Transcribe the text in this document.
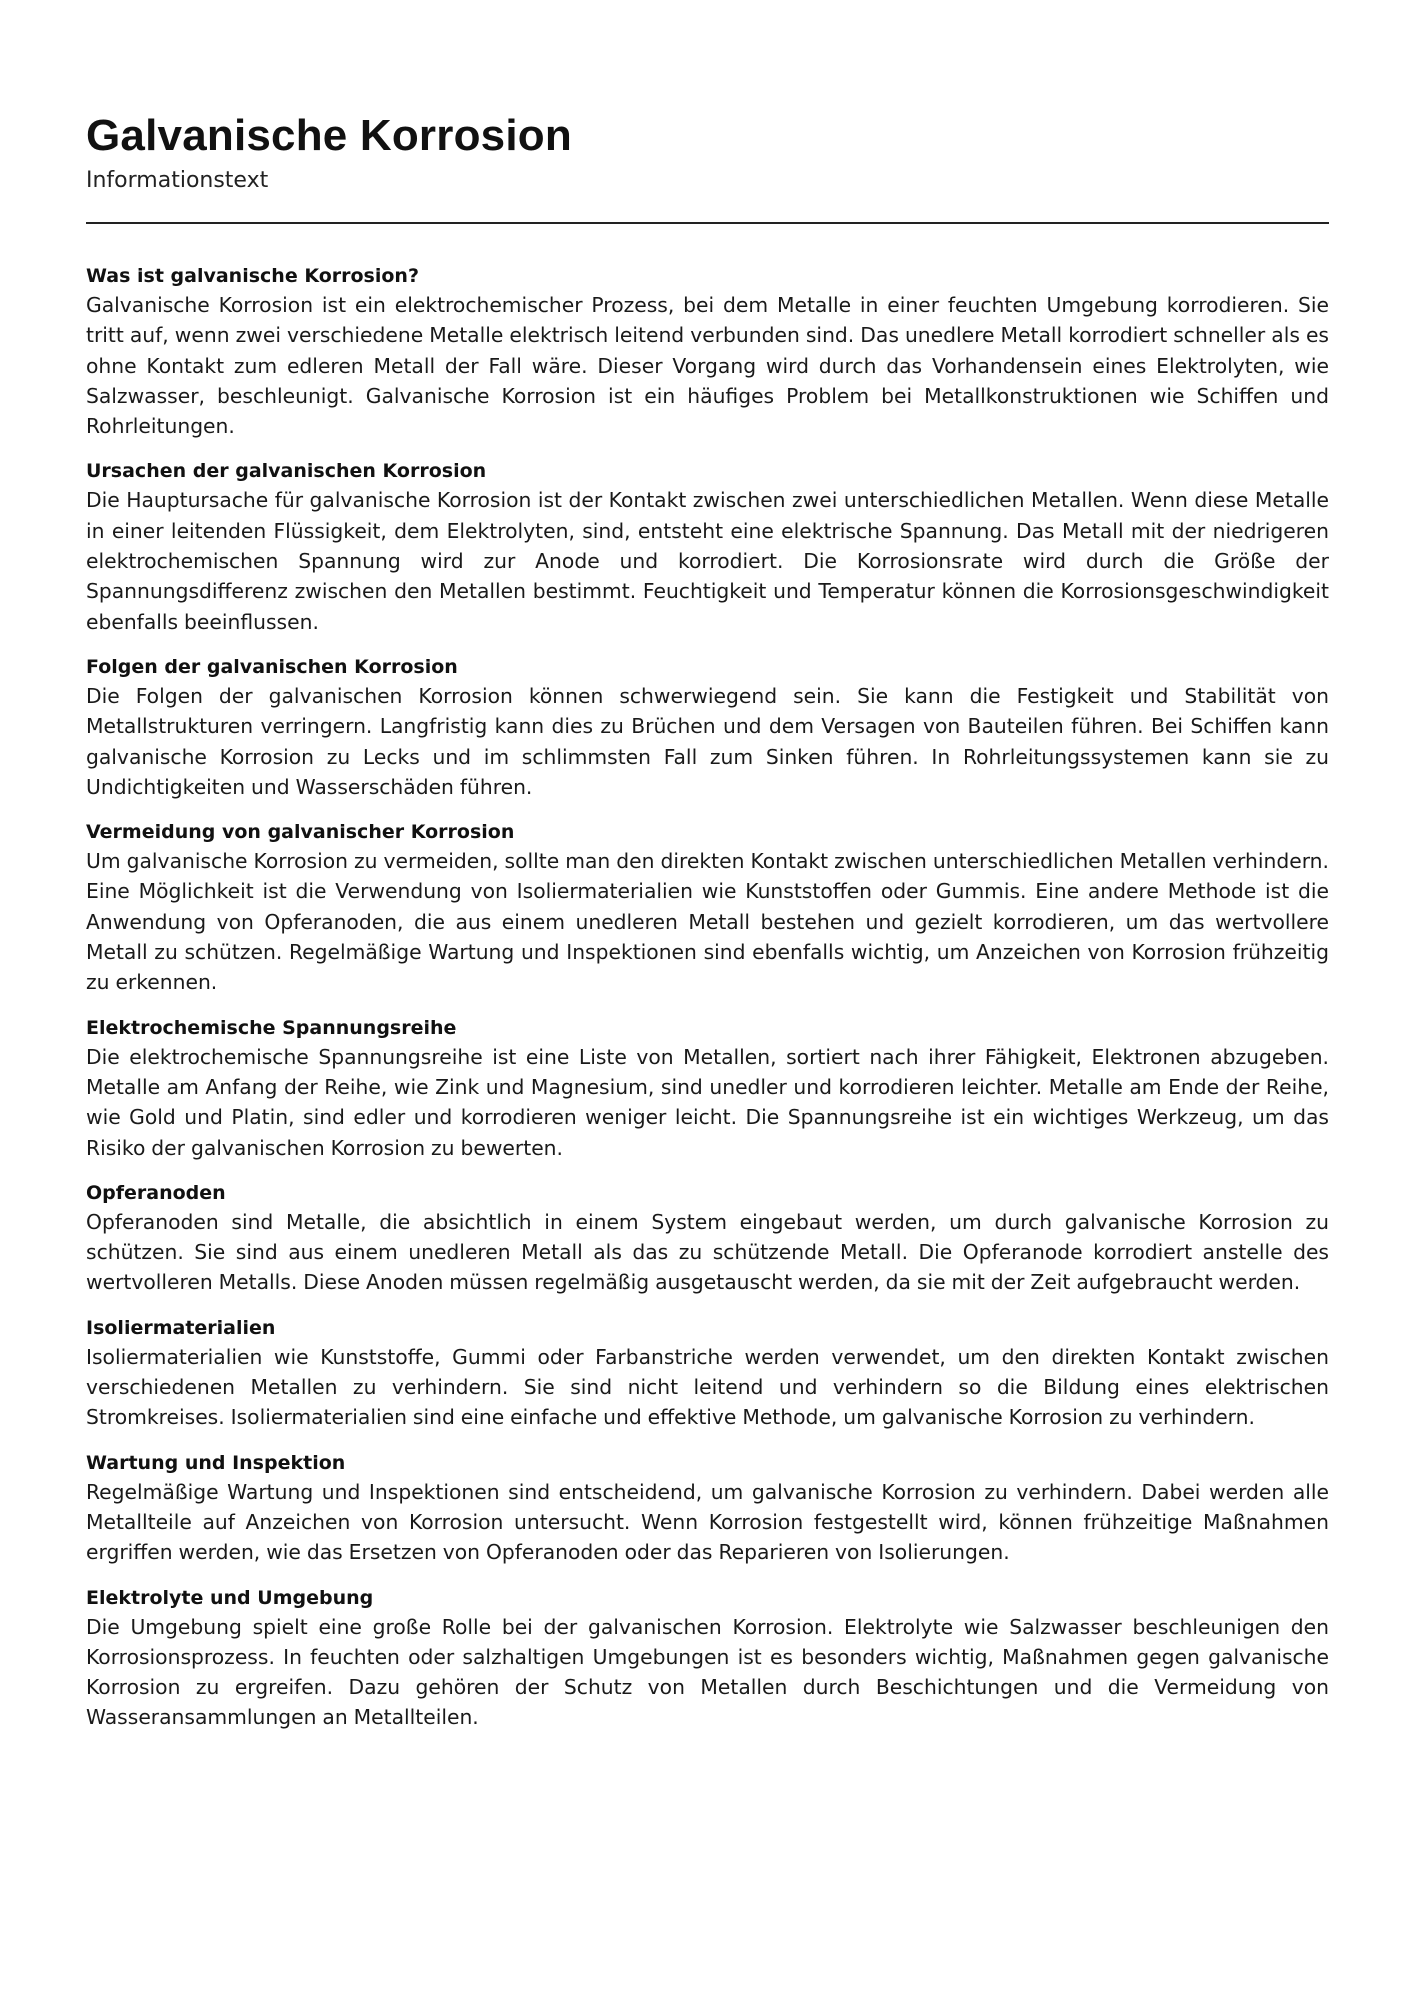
Galvanische Korrosion

Informationstext

Was ist galvanische Korrosion?

Galvanische Korrosion ist ein elektrochemischer Prozess, bei dem Metalle in einer feuchten Umgebung korrodieren. Sie tritt auf, wenn zwei verschiedene Metalle elektrisch leitend verbunden sind. Das unedlere Metall korrodiert schneller als es ohne Kontakt zum edleren Metall der Fall wäre. Dieser Vorgang wird durch das Vorhandensein eines Elektrolyten, wie Salzwasser, beschleunigt. Galvanische Korrosion ist ein häufiges Problem bei Metallkonstruktionen wie Schiffen und Rohrleitungen.

Ursachen der galvanischen Korrosion

Die Hauptursache für galvanische Korrosion ist der Kontakt zwischen zwei unterschiedlichen Metallen. Wenn diese Metalle in einer leitenden Flüssigkeit, dem Elektrolyten, sind, entsteht eine elektrische Spannung. Das Metall mit der niedrigeren elektrochemischen Spannung wird zur Anode und korrodiert. Die Korrosionsrate wird durch die Größe der Spannungsdifferenz zwischen den Metallen bestimmt. Feuchtigkeit und Temperatur können die Korrosionsgeschwindigkeit ebenfalls beeinflussen.

Folgen der galvanischen Korrosion

Die Folgen der galvanischen Korrosion können schwerwiegend sein. Sie kann die Festigkeit und Stabilität von Metallstrukturen verringern. Langfristig kann dies zu Brüchen und dem Versagen von Bauteilen führen. Bei Schiffen kann galvanische Korrosion zu Lecks und im schlimmsten Fall zum Sinken führen. In Rohrleitungssystemen kann sie zu Undichtigkeiten und Wasserschäden führen.

Vermeidung von galvanischer Korrosion

Um galvanische Korrosion zu vermeiden, sollte man den direkten Kontakt zwischen unterschiedlichen Metallen verhindern. Eine Möglichkeit ist die Verwendung von Isoliermaterialien wie Kunststoffen oder Gummis. Eine andere Methode ist die Anwendung von Opferanoden, die aus einem unedleren Metall bestehen und gezielt korrodieren, um das wertvollere Metall zu schützen. Regelmäßige Wartung und Inspektionen sind ebenfalls wichtig, um Anzeichen von Korrosion frühzeitig zu erkennen.

Elektrochemische Spannungsreihe

Die elektrochemische Spannungsreihe ist eine Liste von Metallen, sortiert nach ihrer Fähigkeit, Elektronen abzugeben. Metalle am Anfang der Reihe, wie Zink und Magnesium, sind unedler und korrodieren leichter. Metalle am Ende der Reihe, wie Gold und Platin, sind edler und korrodieren weniger leicht. Die Spannungsreihe ist ein wichtiges Werkzeug, um das Risiko der galvanischen Korrosion zu bewerten.

Opferanoden

Opferanoden sind Metalle, die absichtlich in einem System eingebaut werden, um durch galvanische Korrosion zu schützen. Sie sind aus einem unedleren Metall als das zu schützende Metall. Die Opferanode korrodiert anstelle des wertvolleren Metalls. Diese Anoden müssen regelmäßig ausgetauscht werden, da sie mit der Zeit aufgebraucht werden.

Isoliermaterialien

Isoliermaterialien wie Kunststoffe, Gummi oder Farbanstriche werden verwendet, um den direkten Kontakt zwischen verschiedenen Metallen zu verhindern. Sie sind nicht leitend und verhindern so die Bildung eines elektrischen Stromkreises. Isoliermaterialien sind eine einfache und effektive Methode, um galvanische Korrosion zu verhindern.

Wartung und Inspektion

Regelmäßige Wartung und Inspektionen sind entscheidend, um galvanische Korrosion zu verhindern. Dabei werden alle Metallteile auf Anzeichen von Korrosion untersucht. Wenn Korrosion festgestellt wird, können frühzeitige Maßnahmen ergriffen werden, wie das Ersetzen von Opferanoden oder das Reparieren von Isolierungen.

Elektrolyte und Umgebung

Die Umgebung spielt eine große Rolle bei der galvanischen Korrosion. Elektrolyte wie Salzwasser beschleunigen den Korrosionsprozess. In feuchten oder salzhaltigen Umgebungen ist es besonders wichtig, Maßnahmen gegen galvanische Korrosion zu ergreifen. Dazu gehören der Schutz von Metallen durch Beschichtungen und die Vermeidung von Wasseransammlungen an Metallteilen.
